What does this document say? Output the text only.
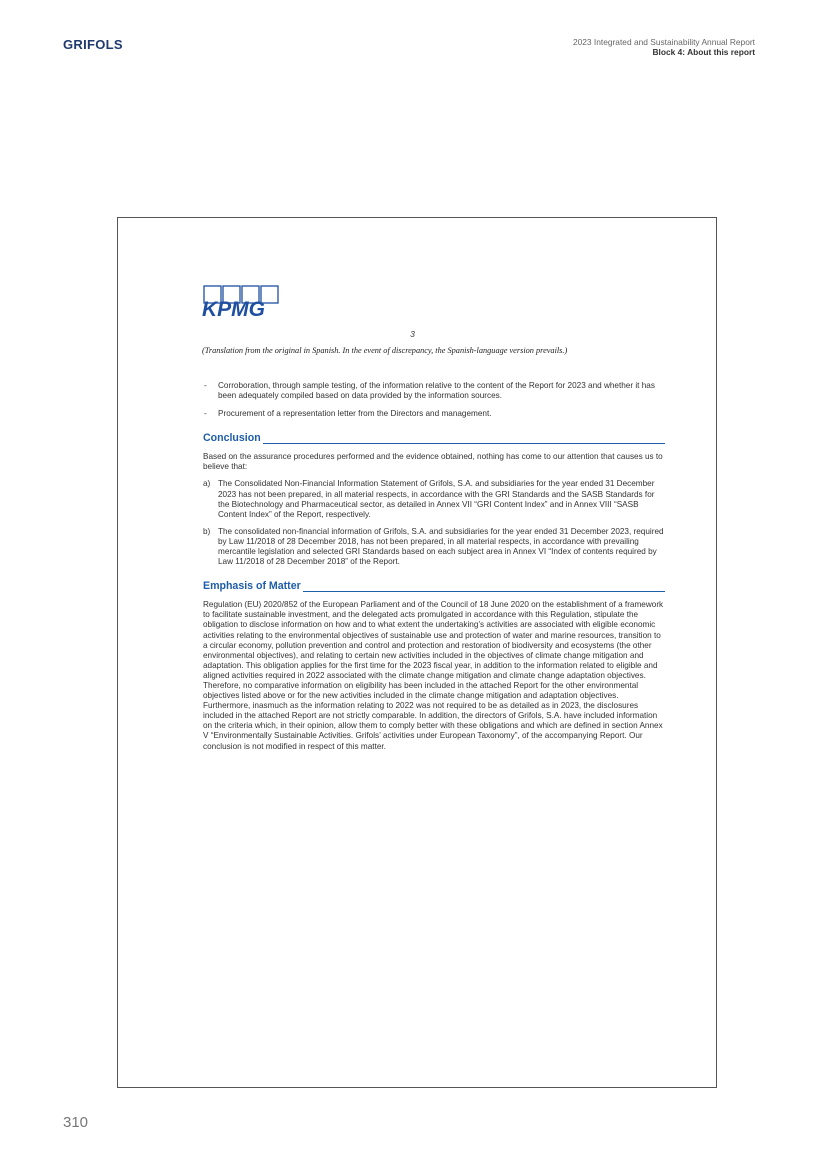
GRIFOLS	2023 Integrated and Sustainability Annual Report
Block 4: About this report
KPMG
3
(Translation from the original in Spanish. In the event of discrepancy, the Spanish-language version prevails.)
- Corroboration, through sample testing, of the information relative to the content of the Report for 2023 and whether it has been adequately compiled based on data provided by the information sources.
- Procurement of a representation letter from the Directors and management.
Conclusion

Based on the assurance procedures performed and the evidence obtained, nothing has come to our attention that causes us to believe that:

a) The Consolidated Non-Financial Information Statement of Grifols, S.A. and subsidiaries for the year ended 31 December 2023 has not been prepared, in all material respects, in accordance with the GRI Standards and the SASB Standards for the Biotechnology and Pharmaceutical sector, as detailed in Annex VII “GRI Content Index” and in Annex VIII “SASB Content Index” of the Report, respectively.
b) The consolidated non-financial information of Grifols, S.A. and subsidiaries for the year ended 31 December 2023, required by Law 11/2018 of 28 December 2018, has not been prepared, in all material respects, in accordance with prevailing mercantile legislation and selected GRI Standards based on each subject area in Annex VI “Index of contents required by Law 11/2018 of 28 December 2018” of the Report.
Emphasis of Matter

Regulation (EU) 2020/852 of the European Parliament and of the Council of 18 June 2020 on the establishment of a framework to facilitate sustainable investment, and the delegated acts promulgated in accordance with this Regulation, stipulate the obligation to disclose information on how and to what extent the undertaking’s activities are associated with eligible economic activities relating to the environmental objectives of sustainable use and protection of water and marine resources, transition to a circular economy, pollution prevention and control and protection and restoration of biodiversity and ecosystems (the other environmental objectives), and relating to certain new activities included in the objectives of climate change mitigation and adaptation. This obligation applies for the first time for the 2023 fiscal year, in addition to the information related to eligible and aligned activities required in 2022 associated with the climate change mitigation and climate change adaptation objectives. Therefore, no comparative information on eligibility has been included in the attached Report for the other environmental objectives listed above or for the new activities included in the climate change mitigation and adaptation objectives. Furthermore, inasmuch as the information relating to 2022 was not required to be as detailed as in 2023, the disclosures included in the attached Report are not strictly comparable. In addition, the directors of Grifols, S.A. have included information on the criteria which, in their opinion, allow them to comply better with these obligations and which are defined in section Annex V “Environmentally Sustainable Activities. Grifols’ activities under European Taxonomy”, of the accompanying Report. Our conclusion is not modified in respect of this matter.

310
